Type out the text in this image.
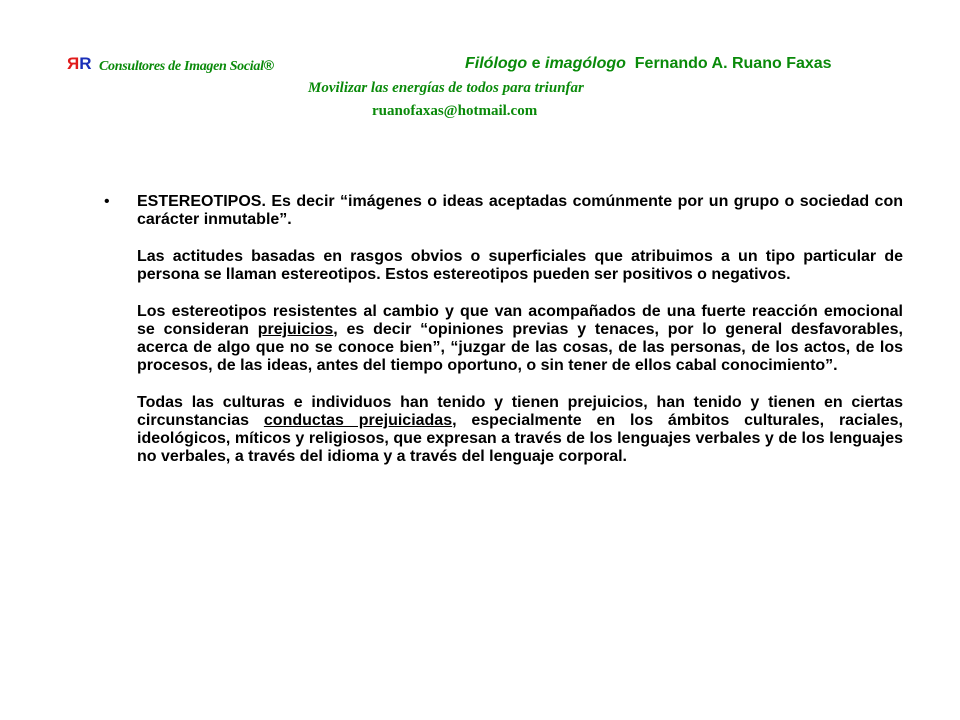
RR Consultores de Imagen Social®	Filólogo e imagólogo Fernando A. Ruano Faxas
Movilizar las energías de todos para triunfar
ruanofaxas@hotmail.com

• ESTEREOTIPOS. Es decir “imágenes o ideas aceptadas comúnmente por un grupo o sociedad con carácter inmutable”.

Las actitudes basadas en rasgos obvios o superficiales que atribuimos a un tipo particular de persona se llaman estereotipos. Estos estereotipos pueden ser positivos o negativos.

Los estereotipos resistentes al cambio y que van acompañados de una fuerte reacción emocional se consideran prejuicios, es decir “opiniones previas y tenaces, por lo general desfavorables, acerca de algo que no se conoce bien”, “juzgar de las cosas, de las personas, de los actos, de los procesos, de las ideas, antes del tiempo oportuno, o sin tener de ellos cabal conocimiento”.

Todas las culturas e individuos han tenido y tienen prejuicios, han tenido y tienen en ciertas circunstancias conductas prejuiciadas, especialmente en los ámbitos culturales, raciales, ideológicos, míticos y religiosos, que expresan a través de los lenguajes verbales y de los lenguajes no verbales, a través del idioma y a través del lenguaje corporal.
